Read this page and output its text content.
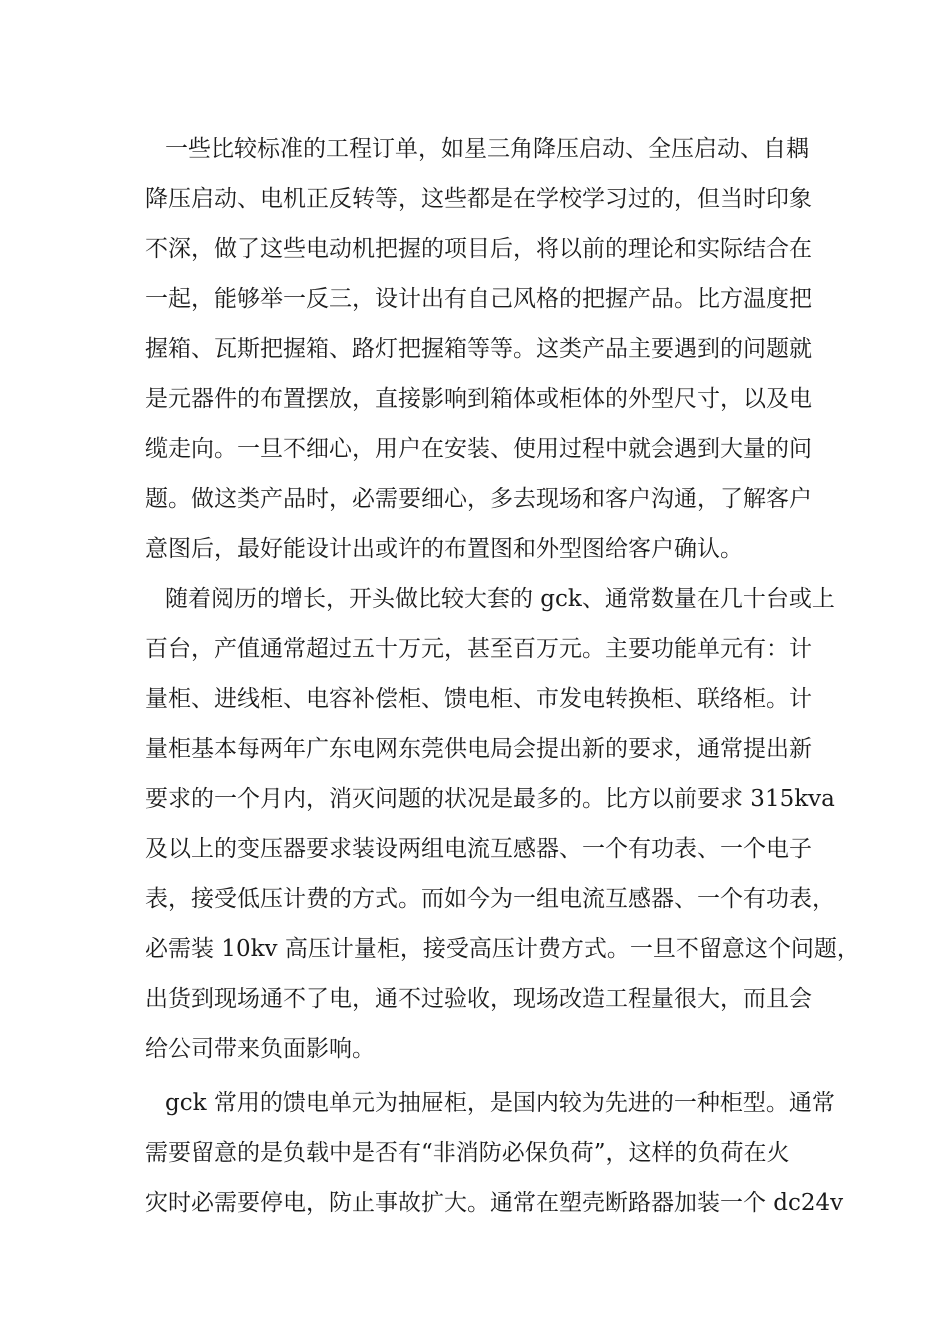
一些比较标准的工程订单，如星三角降压启动、全压启动、自耦
降压启动、电机正反转等，这些都是在学校学习过的，但当时印象
不深，做了这些电动机把握的项目后，将以前的理论和实际结合在
一起，能够举一反三，设计出有自己风格的把握产品。比方温度把
握箱、瓦斯把握箱、路灯把握箱等等。这类产品主要遇到的问题就
是元器件的布置摆放，直接影响到箱体或柜体的外型尺寸，以及电
缆走向。一旦不细心，用户在安装、使用过程中就会遇到大量的问
题。做这类产品时，必需要细心，多去现场和客户沟通，了解客户
意图后，最好能设计出或许的布置图和外型图给客户确认。
随着阅历的增长，开头做比较大套的 gck、通常数量在几十台或上
百台，产值通常超过五十万元，甚至百万元。主要功能单元有：计
量柜、进线柜、电容补偿柜、馈电柜、市发电转换柜、联络柜。计
量柜基本每两年广东电网东莞供电局会提出新的要求，通常提出新
要求的一个月内，消灭问题的状况是最多的。比方以前要求 315kva
及以上的变压器要求装设两组电流互感器、一个有功表、一个电子
表，接受低压计费的方式。而如今为一组电流互感器、一个有功表，
必需装 10kv 高压计量柜，接受高压计费方式。一旦不留意这个问题，
出货到现场通不了电，通不过验收，现场改造工程量很大，而且会
给公司带来负面影响。
gck 常用的馈电单元为抽屉柜，是国内较为先进的一种柜型。通常
需要留意的是负载中是否有“非消防必保负荷”，这样的负荷在火
灾时必需要停电，防止事故扩大。通常在塑壳断路器加装一个 dc24v
